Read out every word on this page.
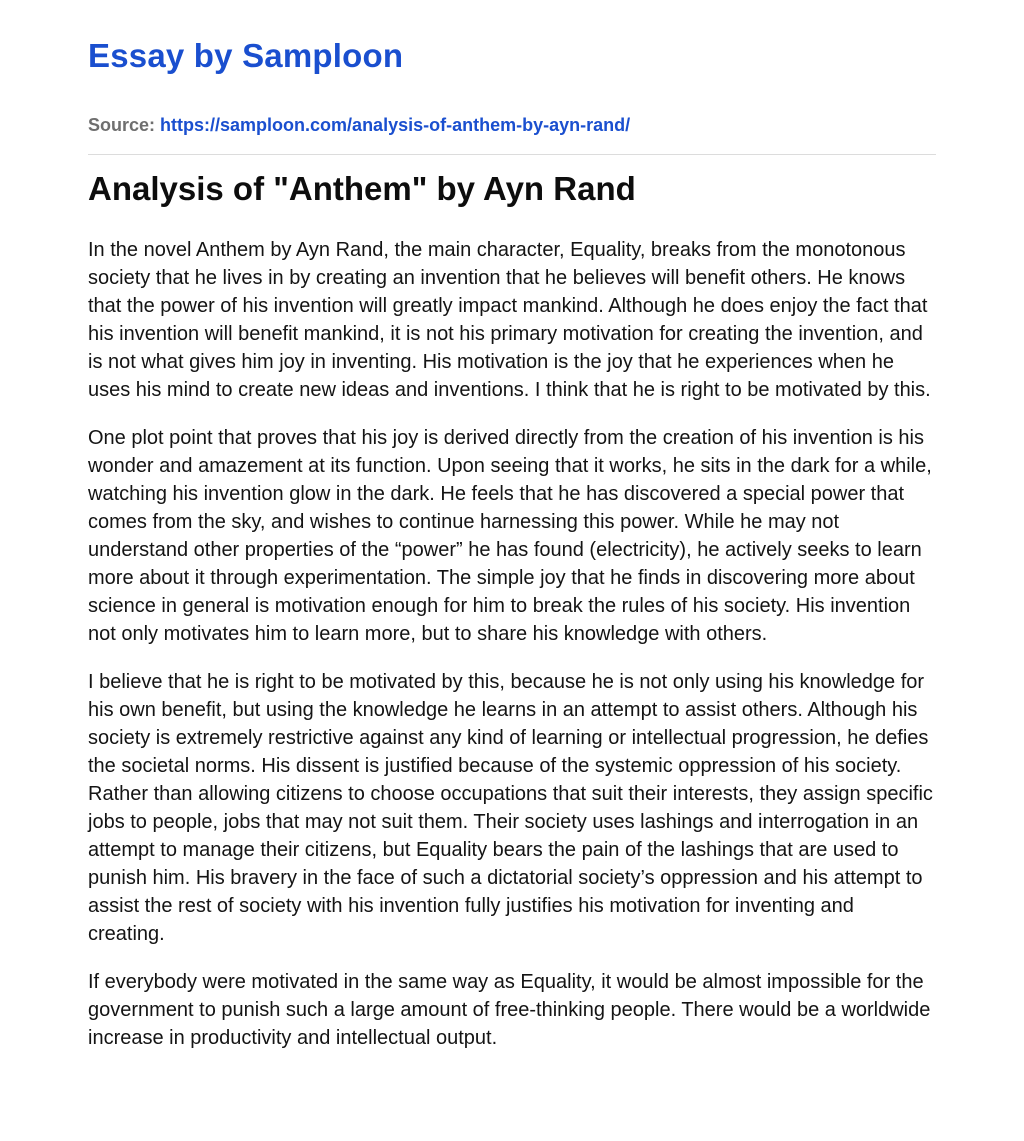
Essay by Samploon
Source: https://samploon.com/analysis-of-anthem-by-ayn-rand/
Analysis of "Anthem" by Ayn Rand

In the novel Anthem by Ayn Rand, the main character, Equality, breaks from the monotonous society that he lives in by creating an invention that he believes will benefit others. He knows that the power of his invention will greatly impact mankind. Although he does enjoy the fact that his invention will benefit mankind, it is not his primary motivation for creating the invention, and is not what gives him joy in inventing. His motivation is the joy that he experiences when he uses his mind to create new ideas and inventions. I think that he is right to be motivated by this.

One plot point that proves that his joy is derived directly from the creation of his invention is his wonder and amazement at its function. Upon seeing that it works, he sits in the dark for a while, watching his invention glow in the dark. He feels that he has discovered a special power that comes from the sky, and wishes to continue harnessing this power. While he may not understand other properties of the “power” he has found (electricity), he actively seeks to learn more about it through experimentation. The simple joy that he finds in discovering more about science in general is motivation enough for him to break the rules of his society. His invention not only motivates him to learn more, but to share his knowledge with others.

I believe that he is right to be motivated by this, because he is not only using his knowledge for his own benefit, but using the knowledge he learns in an attempt to assist others. Although his society is extremely restrictive against any kind of learning or intellectual progression, he defies the societal norms. His dissent is justified because of the systemic oppression of his society. Rather than allowing citizens to choose occupations that suit their interests, they assign specific jobs to people, jobs that may not suit them. Their society uses lashings and interrogation in an attempt to manage their citizens, but Equality bears the pain of the lashings that are used to punish him. His bravery in the face of such a dictatorial society’s oppression and his attempt to assist the rest of society with his invention fully justifies his motivation for inventing and creating.

If everybody were motivated in the same way as Equality, it would be almost impossible for the government to punish such a large amount of free-thinking people. There would be a worldwide increase in productivity and intellectual output.
